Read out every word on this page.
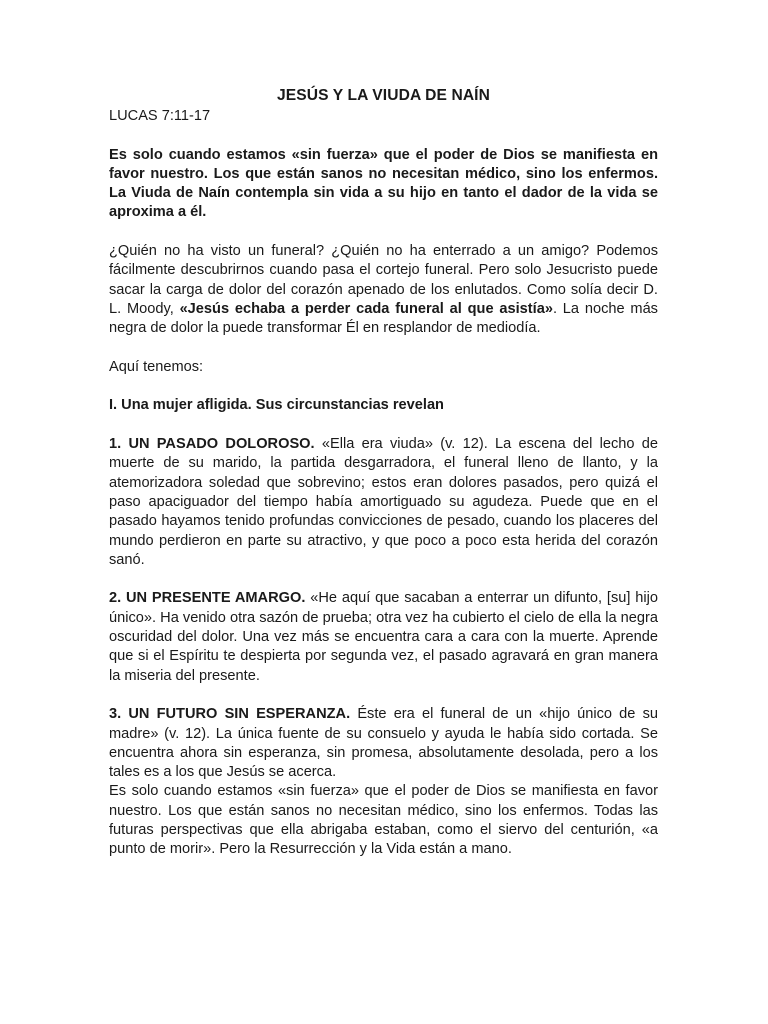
JESÚS Y LA VIUDA DE NAÍN
LUCAS 7:11-17

Es solo cuando estamos «sin fuerza» que el poder de Dios se manifiesta en favor nuestro. Los que están sanos no necesitan médico, sino los enfermos. La Viuda de Naín contempla sin vida a su hijo en tanto el dador de la vida se aproxima a él.

¿Quién no ha visto un funeral? ¿Quién no ha enterrado a un amigo? Podemos fácilmente descubrirnos cuando pasa el cortejo funeral. Pero solo Jesucristo puede sacar la carga de dolor del corazón apenado de los enlutados. Como solía decir D. L. Moody, «Jesús echaba a perder cada funeral al que asistía». La noche más negra de dolor la puede transformar Él en resplandor de mediodía.

Aquí tenemos:

I. Una mujer afligida. Sus circunstancias revelan

1. UN PASADO DOLOROSO. «Ella era viuda» (v. 12). La escena del lecho de muerte de su marido, la partida desgarradora, el funeral lleno de llanto, y la atemorizadora soledad que sobrevino; estos eran dolores pasados, pero quizá el paso apaciguador del tiempo había amortiguado su agudeza. Puede que en el pasado hayamos tenido profundas convicciones de pesado, cuando los placeres del mundo perdieron en parte su atractivo, y que poco a poco esta herida del corazón sanó.

2. UN PRESENTE AMARGO. «He aquí que sacaban a enterrar un difunto, [su] hijo único». Ha venido otra sazón de prueba; otra vez ha cubierto el cielo de ella la negra oscuridad del dolor. Una vez más se encuentra cara a cara con la muerte. Aprende que si el Espíritu te despierta por segunda vez, el pasado agravará en gran manera la miseria del presente.

3. UN FUTURO SIN ESPERANZA. Éste era el funeral de un «hijo único de su madre» (v. 12). La única fuente de su consuelo y ayuda le había sido cortada. Se encuentra ahora sin esperanza, sin promesa, absolutamente desolada, pero a los tales es a los que Jesús se acerca.

Es solo cuando estamos «sin fuerza» que el poder de Dios se manifiesta en favor nuestro. Los que están sanos no necesitan médico, sino los enfermos. Todas las futuras perspectivas que ella abrigaba estaban, como el siervo del centurión, «a punto de morir». Pero la Resurrección y la Vida están a mano.
